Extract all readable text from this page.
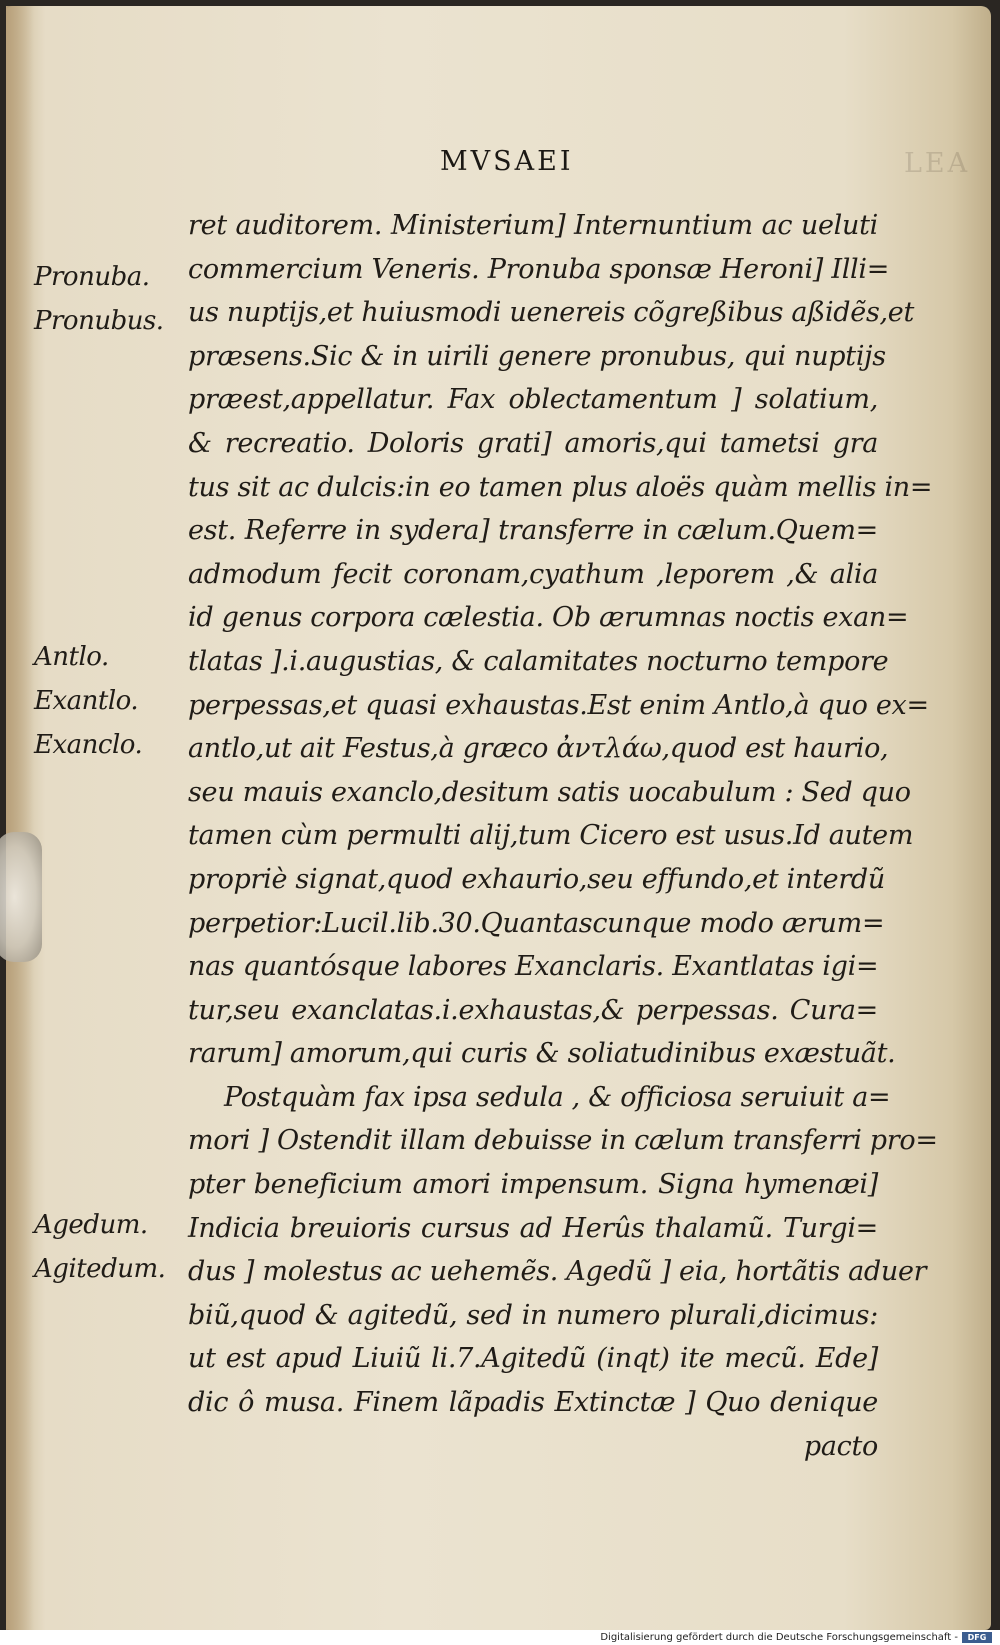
MVSAEI	LEA
Pronuba.
Pronubus.
Antlo.
Exantlo.
Exanclo.
Agedum.
Agitedum.
ret auditorem. Ministerium] Internuntium ac ueluti
commercium Veneris. Pronuba sponsæ Heroni] Illi=
us nuptijs,et huiusmodi uenereis cõgreßibus aßidẽs,et
præsens.Sic & in uirili genere pronubus, qui nuptijs
præest,appellatur. Fax oblectamentum ] solatium,
& recreatio. Doloris grati] amoris,qui tametsi gra
tus sit ac dulcis:in eo tamen plus aloës quàm mellis in=
est. Referre in sydera] transferre in cælum.Quem=
admodum fecit coronam,cyathum ,leporem ,& alia
id genus corpora cælestia. Ob ærumnas noctis exan=
tlatas ].i.augustias, & calamitates nocturno tempore
perpessas,et quasi exhaustas.Est enim Antlo,à quo ex=
antlo,ut ait Festus,à græco ἀντλάω,quod est haurio,
seu mauis exanclo,desitum satis uocabulum : Sed quo
tamen cùm permulti alij,tum Cicero est usus.Id autem
propriè signat,quod exhaurio,seu effundo,et interdũ
perpetior:Lucil.lib.30.Quantascunque modo ærum=
nas quantósque labores Exanclaris. Exantlatas igi=
tur,seu exanclatas.i.exhaustas,& perpessas. Cura=
rarum] amorum,qui curis & soliatudinibus exæstuãt.
Postquàm fax ipsa sedula , & officiosa seruiuit a=
mori ] Ostendit illam debuisse in cælum transferri pro=
pter beneficium amori impensum. Signa hymenæi]
Indicia breuioris cursus ad Herûs thalamũ. Turgi=
dus ] molestus ac uehemẽs. Agedũ ] eia, hortãtis aduer
biũ,quod & agitedũ, sed in numero plurali,dicimus:
ut est apud Liuiũ li.7.Agitedũ (inqt) ite mecũ. Ede]
dic ô musa. Finem lãpadis Extinctæ ] Quo denique
pacto
Digitalisierung gefördert durch die Deutsche Forschungsgemeinschaft -	DFG
